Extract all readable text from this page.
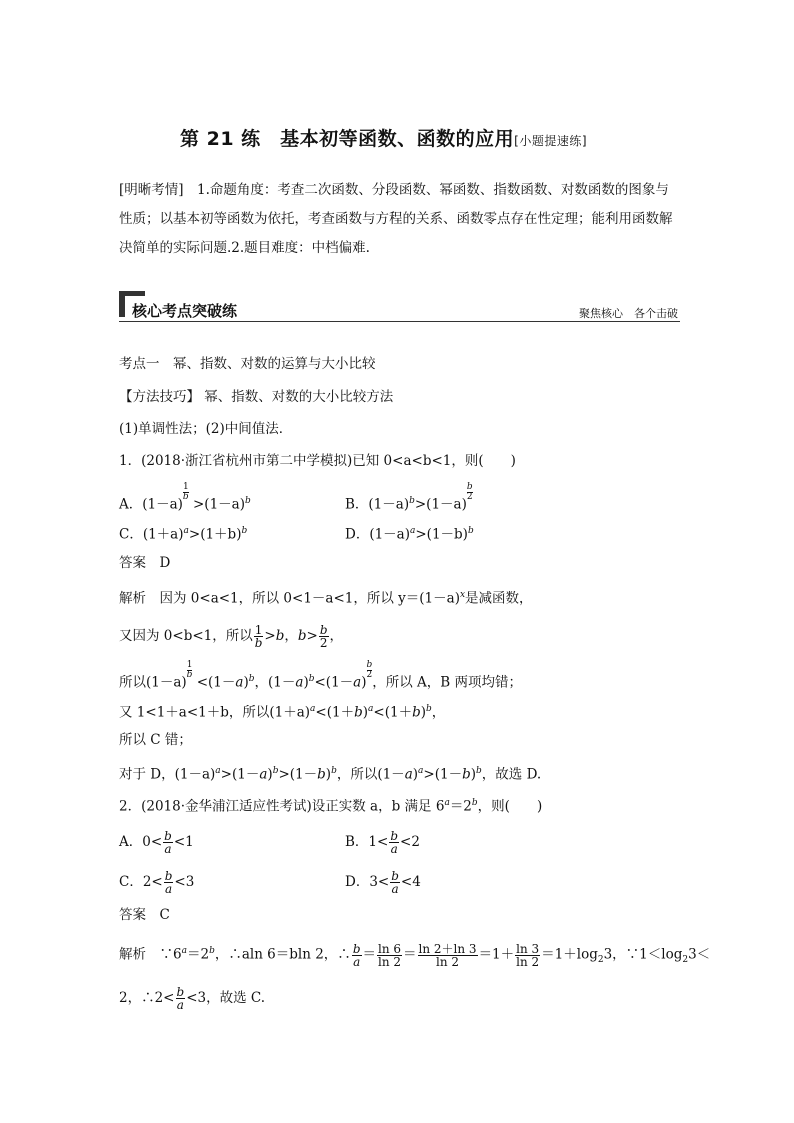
第 21 练　基本初等函数、函数的应用[小题提速练]
[明晰考情]　1.命题角度：考查二次函数、分段函数、幂函数、指数函数、对数函数的图象与性质；以基本初等函数为依托，考查函数与方程的关系、函数零点存在性定理；能利用函数解决简单的实际问题.2.题目难度：中档偏难.
核心考点突破练	聚焦核心　各个击破
考点一　幂、指数、对数的运算与大小比较
【方法技巧】 幂、指数、对数的大小比较方法
(1)单调性法；(2)中间值法．
1．(2018·浙江省杭州市第二中学模拟)已知 0<a<b<1，则(　　)
A．(1－a)
$\frac{1}{b}$
$>(1-a)^b$	B．$(1-a)^b>(1-a)$
$\frac{b}{2}$
C．$(1+a)^a>(1+b)^b$	D．$(1-a)^a>(1-b)^b$
答案　D
解析　因为 0<a<1，所以 0<1－a<1，所以 $y=(1-a)^x$是减函数，
又因为 0<b<1，所以 $\frac{1}{b} >b$，$b> \frac{b}{2}$ ，
所以(1－a)
$\frac{1}{b}$
$<(1-a)^b$，$(1-a)^b<(1-a)$
$\frac{b}{2}$
，所以 A，B 两项均错；
又 1<1＋a<1＋b，所以$(1+a)^a<(1+b)^a<(1+b)^b$，
所以 C 错；
对于 D，$(1-a)^a>(1-a)^b>(1-b)^b$，所以$(1-a)^a>(1-b)^b$，故选 D.
2．(2018·金华浦江适应性考试)设正实数 a，b 满足 $6^a=2^b$，则(　　)
A．$0< \frac{b}{a} <1$	B．$1< \frac{b}{a} <2$
C．$2< \frac{b}{a} <3$	D．$3< \frac{b}{a} <4$
答案　C
解析　$\because 6^a=2^b$，∴aln 6＝bln 2，∴ $\frac{b}{a} = \frac{\ln 6}{\ln 2} = \frac{\ln 2+\ln 3}{\ln 2} =1+ \frac{\ln 3}{\ln 2} =1+\log_23$，$\because 1<\log_23<$
2，∴2< $\frac{b}{a} <3$，故选 C.
